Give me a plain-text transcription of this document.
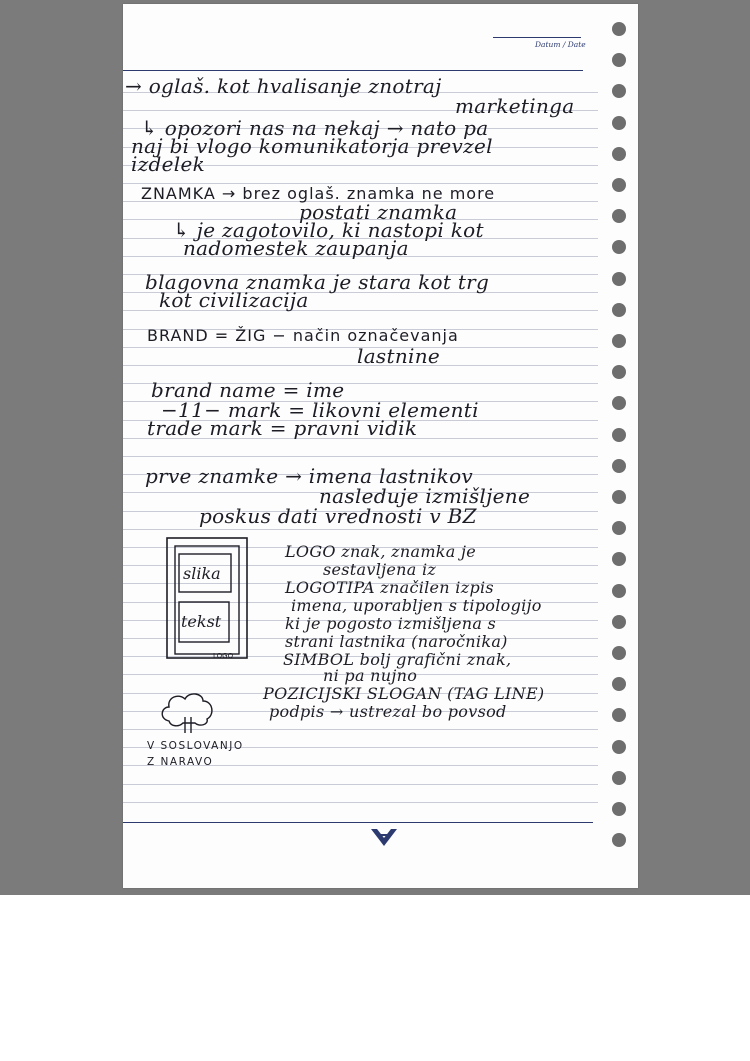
Datum / Date
→ oglaš. kot hvalisanje znotraj
marketinga
↳ opozori nas na nekaj → nato pa
naj bi vlogo komunikatorja prevzel
izdelek
ZNAMKA → brez oglaš. znamka ne more
postati znamka
↳ je zagotovilo, ki nastopi kot
nadomestek zaupanja
blagovna znamka je stara kot trg
kot civilizacija
BRAND = ŽIG − način označevanja
lastnine
brand name = ime
−11− mark = likovni elementi
trade mark = pravni vidik
prve znamke → imena lastnikov
nasleduje izmišljene
poskus dati vrednosti v BZ
LOGO znak, znamka je
sestavljena iz
LOGOTIPA značilen izpis
imena, uporabljen s tipologijo
ki je pogosto izmišljena s
strani lastnika (naročnika)
SIMBOL bolj grafični znak,
ni pa nujno
POZICIJSKI SLOGAN (TAG LINE)
podpis → ustrezal bo povsod
slika
tekst
LOGO
V SOSLOVANJO
Z NARAVO
